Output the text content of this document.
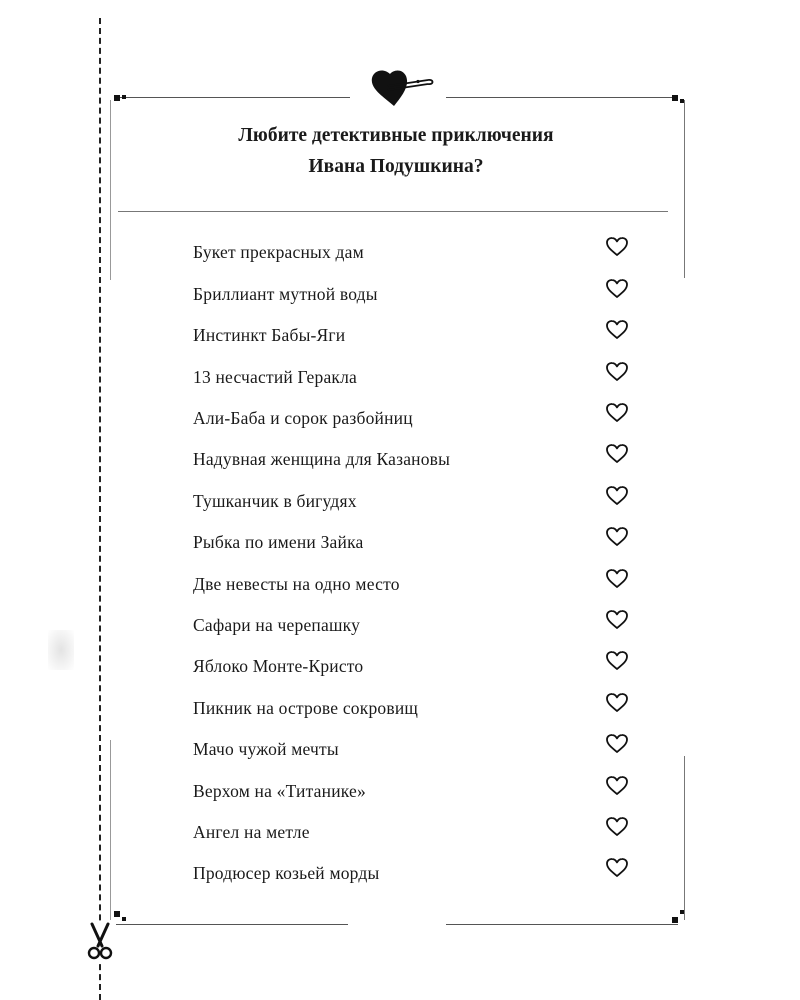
Любите детективные приключения
Ивана Подушкина?
Букет прекрасных дам
Бриллиант мутной воды
Инстинкт Бабы-Яги
13 несчастий Геракла
Али-Баба и сорок разбойниц
Надувная женщина для Казановы
Тушканчик в бигудях
Рыбка по имени Зайка
Две невесты на одно место
Сафари на черепашку
Яблоко Монте-Кристо
Пикник на острове сокровищ
Мачо чужой мечты
Верхом на «Титанике»
Ангел на метле
Продюсер козьей морды
